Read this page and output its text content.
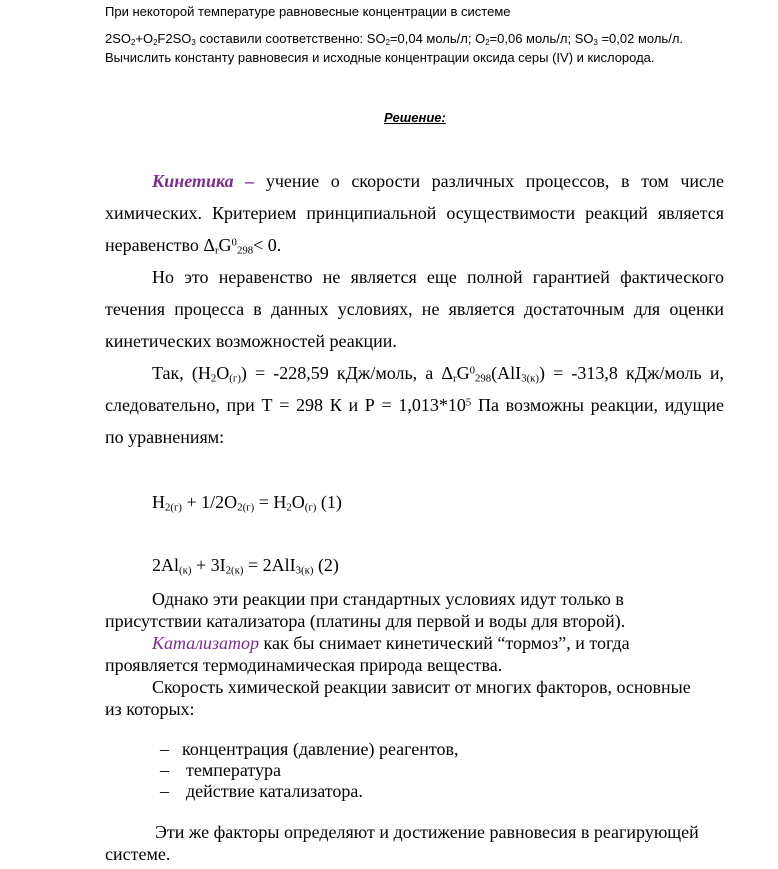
При некоторой температуре равновесные концентрации в системе
$2SO_2+O_2F2SO_3$ составили соответственно: $SO_2=0,04$ моль/л; $O_2=0,06$ моль/л; $SO_3 =0,02$ моль/л.
Вычислить константу равновесия и исходные концентрации оксида серы (IV) и кислорода.
Решение:
Кинетика – учение о скорости различных процессов, в том числе
химических. Критерием принципиальной осуществимости реакций является
неравенство $\Delta_rG^0_{298}< 0$.
Но это неравенство не является еще полной гарантией фактического
течения процесса в данных условиях, не является достаточным для оценки
кинетических возможностей реакции.
Так, $(H_2O_{(г)}) = -228,59$ кДж/моль, а $\Delta_rG^0_{298}(AlI_{3(к)}) = -313,8$ кДж/моль и,
следовательно, при Т = 298 К и $Р = 1,013*10^5$ Па возможны реакции, идущие
по уравнениям:
$H_{2(г)} + 1/2O_{2(г)} = H_2O_{(г)}$ (1)
$2Al_{(к)} + 3I_{2(к)} = 2AlI_{3(к)}$ (2)
Однако эти реакции при стандартных условиях идут только в
присутствии катализатора (платины для первой и воды для второй).
Катализатор как бы снимает кинетический “тормоз”, и тогда
проявляется термодинамическая природа вещества.
Скорость химической реакции зависит от многих факторов, основные
из которых:
– концентрация (давление) реагентов,
– температура
– действие катализатора.
Эти же факторы определяют и достижение равновесия в реагирующей
системе.
